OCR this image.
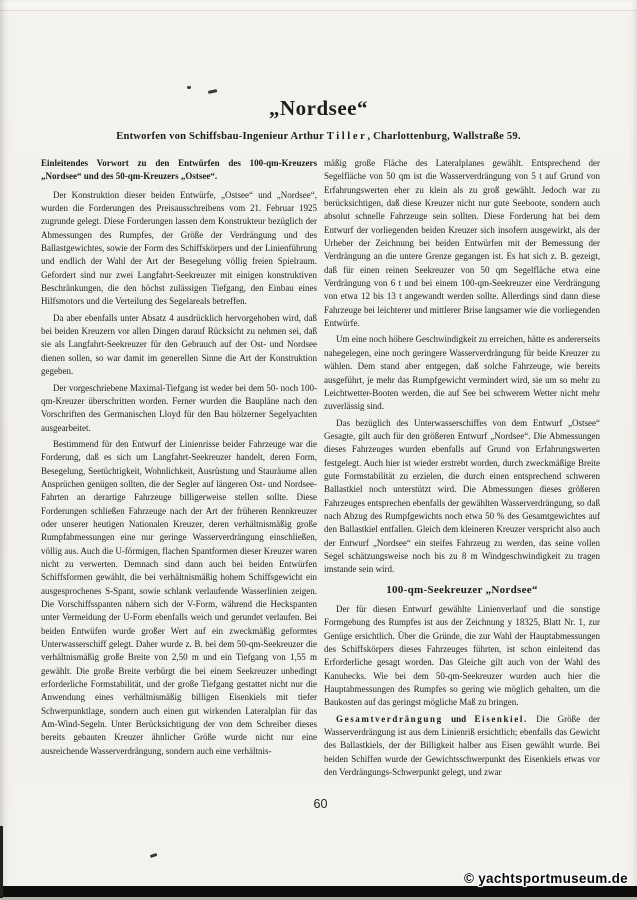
„Nordsee“
Entworfen von Schiffsbau-Ingenieur Arthur Tiller, Charlottenburg, Wallstraße 59.

Einleitendes Vorwort zu den Entwürfen des 100-qm-Kreuzers „Nordsee“ und des 50-qm-Kreuzers „Ostsee“.

Der Konstruktion dieser beiden Entwürfe, „Ostsee“ und „Nordsee“, wurden die Forderungen des Preisausschreibens vom 21. Februar 1925 zugrunde gelegt. Diese Forderungen lassen dem Konstrukteur bezüglich der Abmessungen des Rumpfes, der Größe der Verdrängung und des Ballastgewichtes, sowie der Form des Schiffskörpers und der Linienführung und endlich der Wahl der Art der Besegelung völlig freien Spielraum. Gefordert sind nur zwei Langfahrt-Seekreuzer mit einigen konstruktiven Beschränkungen, die den höchst zulässigen Tiefgang, den Einbau eines Hilfsmotors und die Verteilung des Segelareals betreffen.

Da aber ebenfalls unter Absatz 4 ausdrücklich hervorgehoben wird, daß bei beiden Kreuzern vor allen Dingen darauf Rücksicht zu nehmen sei, daß sie als Langfahrt-Seekreuzer für den Gebrauch auf der Ost- und Nordsee dienen sollen, so war damit im generellen Sinne die Art der Konstruktion gegeben.

Der vorgeschriebene Maximal-Tiefgang ist weder bei dem 50- noch 100-qm-Kreuzer überschritten worden. Ferner wurden die Baupläne nach den Vorschriften des Germanischen Lloyd für den Bau hölzerner Segelyachten ausgearbeitet.

Bestimmend für den Entwurf der Linienrisse beider Fahrzeuge war die Forderung, daß es sich um Langfahrt-Seekreuzer handelt, deren Form, Besegelung, Seetüchtigkeit, Wohnlichkeit, Ausrüstung und Stauräume allen Ansprüchen genügen sollten, die der Segler auf längeren Ost- und Nordsee-Fahrten an derartige Fahrzeuge billigerweise stellen sollte. Diese Forderungen schließen Fahrzeuge nach der Art der früheren Rennkreuzer oder unserer heutigen Nationalen Kreuzer, deren verhältnismäßig große Rumpfabmessungen eine nur geringe Wasserverdrängung einschließen, völlig aus. Auch die U-förmigen, flachen Spantformen dieser Kreuzer waren nicht zu verwerten. Demnach sind dann auch bei beiden Entwürfen Schiffsformen gewählt, die bei verhältnismäßig hohem Schiffsgewicht ein ausgesprochenes S-Spant, sowie schlank verlaufende Wasserlinien zeigen. Die Vorschiffsspanten nähern sich der V-Form, während die Heckspanten unter Vermeidung der U-Form ebenfalls weich und gerundet verlaufen. Bei beiden Entwüfen wurde großer Wert auf ein zweckmäßig geformtes Unterwasserschiff gelegt. Daher wurde z. B. bei dem 50-qm-Seekreuzer die verhältnismäßig große Breite von 2,50 m und ein Tiefgang von 1,55 m gewählt. Die große Breite verbürgt die bei einem Seekreuzer unbedingt erforderliche Formstabilität, und der große Tiefgang gestattet nicht nur die Anwendung eines verhältnismäßig billigen Eisenkiels mit tiefer Schwerpunktlage, sondern auch einen gut wirkenden Lateralplan für das Am-Wind-Segeln. Unter Berücksichtigung der von dem Schreiber dieses bereits gebauten Kreuzer ähnlicher Größe wurde nicht nur eine ausreichende Wasserverdrängung, sondern auch eine verhältnis-

mäßig große Fläche des Lateralplanes gewählt. Entsprechend der Segelfläche von 50 qm ist die Wasserverdrängung von 5 t auf Grund von Erfahrungswerten eher zu klein als zu groß gewählt. Jedoch war zu berücksichtigen, daß diese Kreuzer nicht nur gute Seeboote, sondern auch absolut schnelle Fahrzeuge sein sollten. Diese Forderung hat bei dem Entwurf der vorliegenden beiden Kreuzer sich insofern ausgewirkt, als der Urheber der Zeichnung bei beiden Entwürfen mit der Bemessung der Verdrängung an die untere Grenze gegangen ist. Es hat sich z. B. gezeigt, daß für einen reinen Seekreuzer von 50 qm Segelfläche etwa eine Verdrängung von 6 t und bei einem 100-qm-Seekreuzer eine Verdrängung von etwa 12 bis 13 t angewandt werden sollte. Allerdings sind dann diese Fahrzeuge bei leichterer und mittlerer Brise langsamer wie die vorliegenden Entwürfe.

Um eine noch höhere Geschwindigkeit zu erreichen, hätte es andererseits nahegelegen, eine noch geringere Wasserverdrängung für beide Kreuzer zu wählen. Dem stand aber entgegen, daß solche Fahrzeuge, wie bereits ausgeführt, je mehr das Rumpfgewicht vermindert wird, sie um so mehr zu Leichtwetter-Booten werden, die auf See bei schwerem Wetter nicht mehr zuverlässig sind.

Das bezüglich des Unterwasserschiffes von dem Entwurf „Ostsee“ Gesagte, gilt auch für den größeren Entwurf „Nordsee“. Die Abmessungen dieses Fahrzeuges wurden ebenfalls auf Grund von Erfahrungswerten festgelegt. Auch hier ist wieder erstrebt worden, durch zweckmäßige Breite gute Formstabilität zu erzielen, die durch einen entsprechend schweren Ballastkiel noch unterstützt wird. Die Abmessungen dieses größeren Fahrzeuges entsprechen ebenfalls der gewählten Wasserverdrängung, so daß nach Abzug des Rumpfgewichts noch etwa 50 % des Gesamtgewichtes auf den Ballastkiel entfallen. Gleich dem kleineren Kreuzer verspricht also auch der Entwurf „Nordsee“ ein steifes Fahrzeug zu werden, das seine vollen Segel schätzungsweise noch bis zu 8 m Windgeschwindigkeit zu tragen imstande sein wird.

100-qm-Seekreuzer „Nordsee“

Der für diesen Entwurf gewählte Linienverlauf und die sonstige Formgebung des Rumpfes ist aus der Zeichnung y 18325, Blatt Nr. 1, zur Genüge ersichtlich. Über die Gründe, die zur Wahl der Hauptabmessungen des Schiffskörpers dieses Fahrzeuges führten, ist schon einleitend das Erforderliche gesagt worden. Das Gleiche gilt auch von der Wahl des Kanuhecks. Wie bei dem 50-qm-Seekreuzer wurden auch hier die Hauptabmessungen des Rumpfes so gering wie möglich gehalten, um die Baukosten auf das geringst mögliche Maß zu bringen.

Gesamtverdrängung und Eisenkiel. Die Größe der Wasserverdrängung ist aus dem Linienriß ersichtlich; ebenfalls das Gewicht des Ballastkiels, der der Billigkeit halber aus Eisen gewählt wurde. Bei beiden Schiffen wurde der Gewichtsschwerpunkt des Eisenkiels etwas vor den Verdrängungs-Schwerpunkt gelegt, und zwar

60
© yachtsportmuseum.de
